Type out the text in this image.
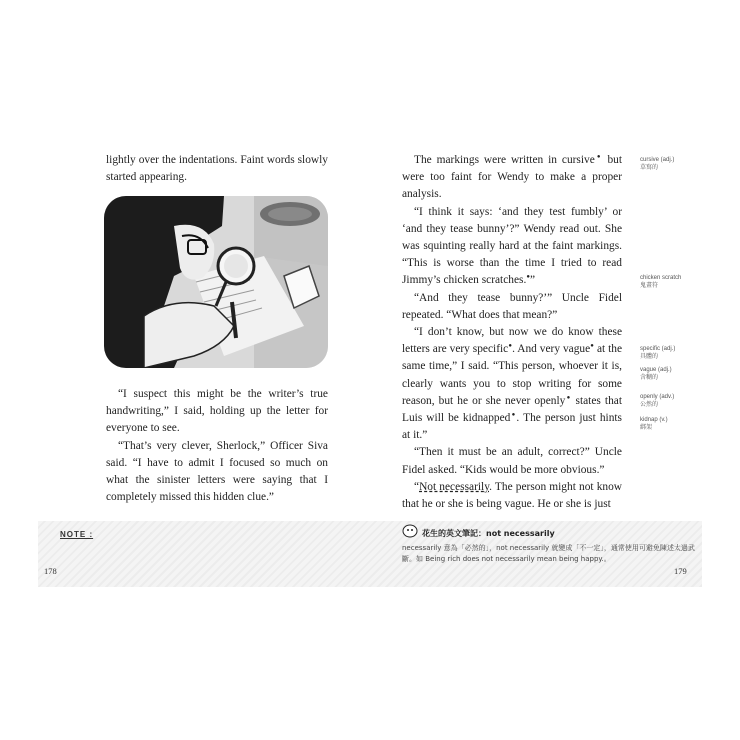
lightly over the indentations. Faint words slowly started appearing.

“I suspect this might be the writer’s true handwriting,” I said, holding up the letter for everyone to see.

“That’s very clever, Sherlock,” Officer Siva said. “I have to admit I focused so much on what the sinister letters were saying that I completely missed this hidden clue.”

The markings were written in cursive● but were too faint for Wendy to make a proper analysis.

“I think it says: ‘and they test fumbly’ or ‘and they tease bunny’?” Wendy read out. She was squinting really hard at the faint markings. “This is worse than the time I tried to read Jimmy’s chicken scratches.●”

“And they tease bunny?’” Uncle Fidel repeated. “What does that mean?”

“I don’t know, but now we do know these letters are very specific●. And very vague● at the same time,” I said. “This person, whoever it is, clearly wants you to stop writing for some reason, but he or she never openly● states that Luis will be kidnapped●. The person just hints at it.”

“Then it must be an adult, correct?” Uncle Fidel asked. “Kids would be more obvious.”

“Not necessarily. The person might not know that he or she is being vague. He or she is just

cursive (adj.)
草寫的
chicken scratch
鬼畫符
specific (adj.)
具體的
vague (adj.)
含糊的
openly (adv.)
公然的
kidnap (v.)
綁架
NOTE :	花生的英文筆記：not necessarily
necessarily 意為「必然的」，not necessarily 就變成「不一定」，通常使用可避免陳述太過武斷。如 Being rich does not necessarily mean being happy.。
178	179
